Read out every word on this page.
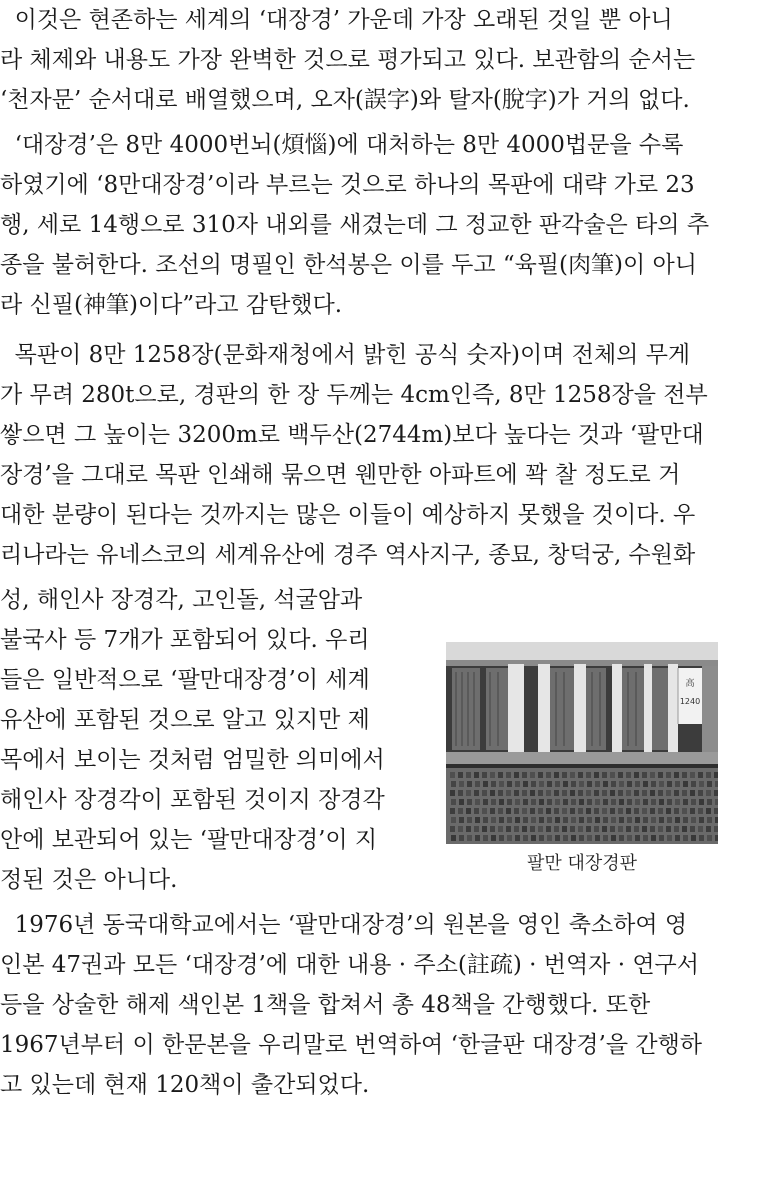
이것은 현존하는 세계의 ‘대장경’ 가운데 가장 오래된 것일 뿐 아니
라 체제와 내용도 가장 완벽한 것으로 평가되고 있다. 보관함의 순서는
‘천자문’ 순서대로 배열했으며, 오자(誤字)와 탈자(脫字)가 거의 없다.
‘대장경’은 8만 4000번뇌(煩惱)에 대처하는 8만 4000법문을 수록
하였기에 ‘8만대장경’이라 부르는 것으로 하나의 목판에 대략 가로 23
행, 세로 14행으로 310자 내외를 새겼는데 그 정교한 판각술은 타의 추
종을 불허한다. 조선의 명필인 한석봉은 이를 두고 “육필(肉筆)이 아니
라 신필(神筆)이다”라고 감탄했다.
목판이 8만 1258장(문화재청에서 밝힌 공식 숫자)이며 전체의 무게
가 무려 280t으로, 경판의 한 장 두께는 4cm인즉, 8만 1258장을 전부
쌓으면 그 높이는 3200m로 백두산(2744m)보다 높다는 것과 ‘팔만대
장경’을 그대로 목판 인쇄해 묶으면 웬만한 아파트에 꽉 찰 정도로 거
대한 분량이 된다는 것까지는 많은 이들이 예상하지 못했을 것이다. 우
리나라는 유네스코의 세계유산에 경주 역사지구, 종묘, 창덕궁, 수원화
성, 해인사 장경각, 고인돌, 석굴암과
불국사 등 7개가 포함되어 있다. 우리
들은 일반적으로 ‘팔만대장경’이 세계
유산에 포함된 것으로 알고 있지만 제
목에서 보이는 것처럼 엄밀한 의미에서
해인사 장경각이 포함된 것이지 장경각
안에 보관되어 있는 ‘팔만대장경’이 지
정된 것은 아니다.
1976년 동국대학교에서는 ‘팔만대장경’의 원본을 영인 축소하여 영
인본 47권과 모든 ‘대장경’에 대한 내용 · 주소(註疏) · 번역자 · 연구서
등을 상술한 해제 색인본 1책을 합쳐서 총 48책을 간행했다. 또한
1967년부터 이 한문본을 우리말로 번역하여 ‘한글판 대장경’을 간행하
고 있는데 현재 120책이 출간되었다.
高
1240
팔만 대장경판
